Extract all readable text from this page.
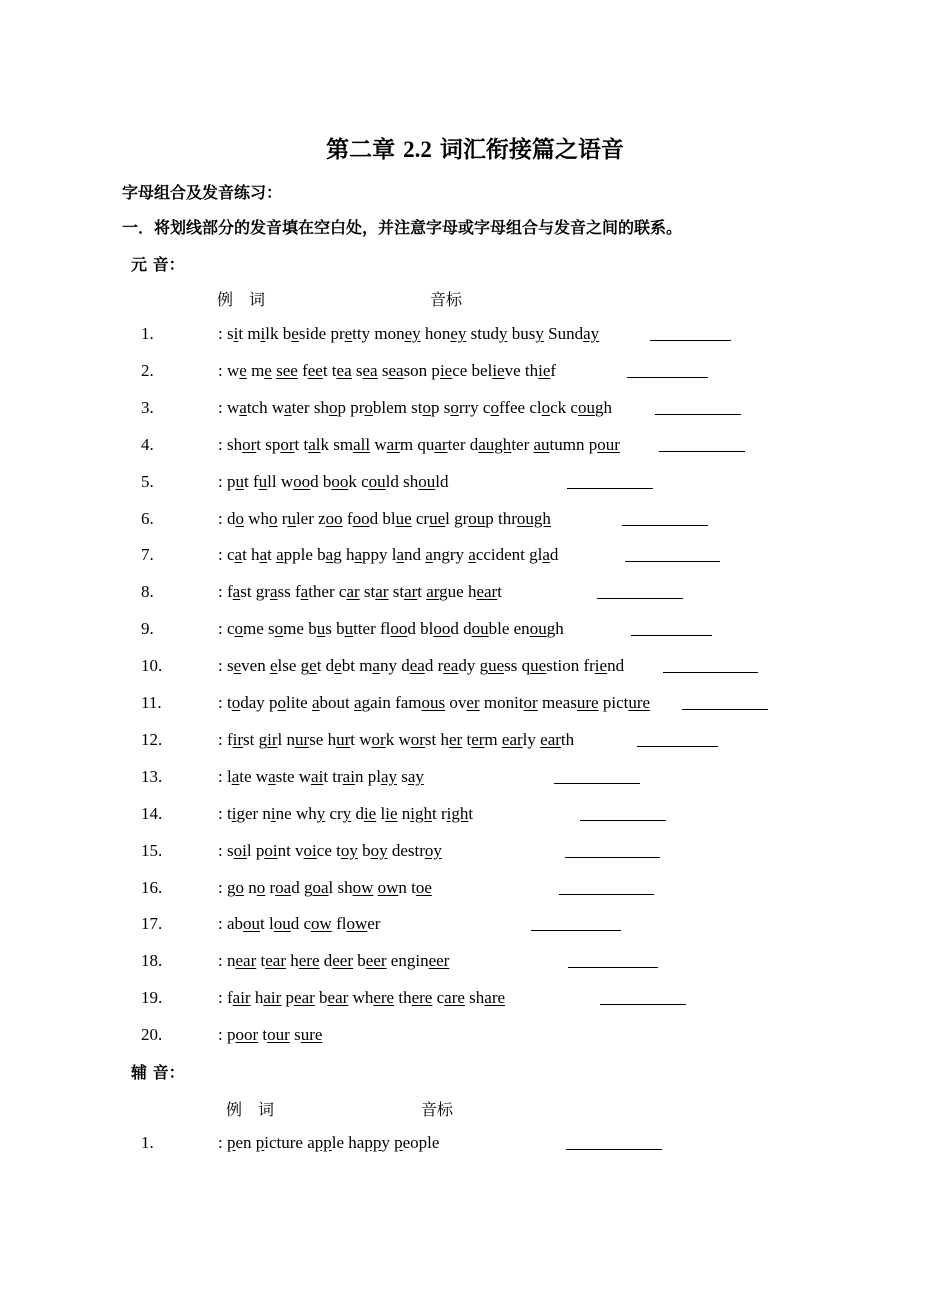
第二章 2.2 词汇衔接篇之语音
字母组合及发音练习：
一．将划线部分的发音填在空白处，并注意字母或字母组合与发音之间的联系。
元 音：
例　词	音标
1.	: sit milk beside pretty money honey study busy Sunday
2.	: we me see feet tea sea season piece believe thief
3.	: watch water shop problem stop sorry coffee clock cough
4.	: short sport talk small warm quarter daughter autumn pour
5.	: put full wood book could should
6.	: do who ruler zoo food blue cruel group through
7.	: cat hat apple bag happy land angry accident glad
8.	: fast grass father car star start argue heart
9.	: come some bus butter flood blood double enough
10.	: seven else get debt many dead ready guess question friend
11.	: today polite about again famous over monitor measure picture
12.	: first girl nurse hurt work worst her term early earth
13.	: late waste wait train play say
14.	: tiger nine why cry die lie night right
15.	: soil point voice toy boy destroy
16.	: go no road goal show own toe
17.	: about loud cow flower
18.	: near tear here deer beer engineer
19.	: fair hair pear bear where there care share
20.	: poor tour sure
辅 音：
例　词	音标
1.	: pen picture apple happy people
